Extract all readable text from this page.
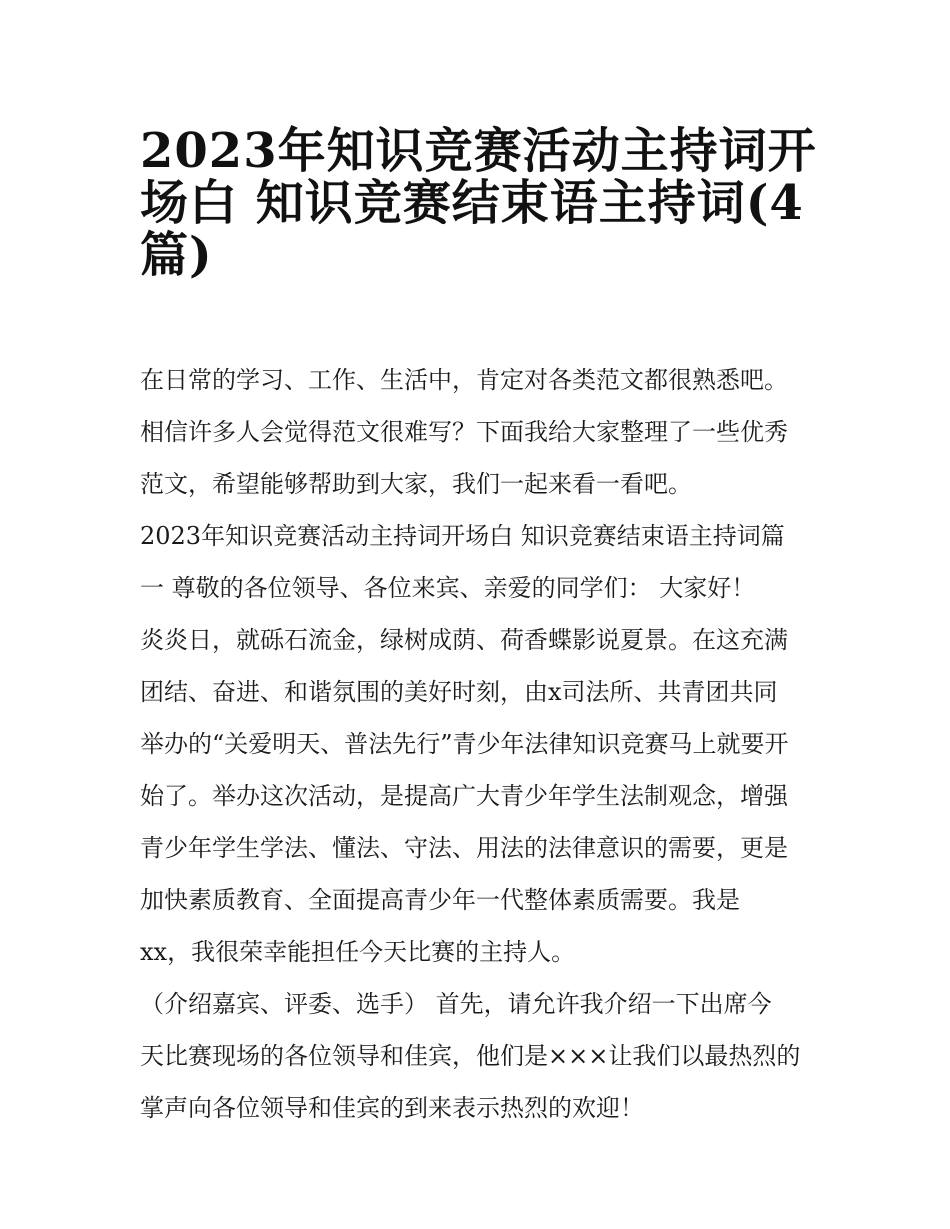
2023年知识竞赛活动主持词开
场白 知识竞赛结束语主持词(4
篇)
在日常的学习、工作、生活中，肯定对各类范文都很熟悉吧。
相信许多人会觉得范文很难写？下面我给大家整理了一些优秀
范文，希望能够帮助到大家，我们一起来看一看吧。
2023年知识竞赛活动主持词开场白 知识竞赛结束语主持词篇
一 尊敬的各位领导、各位来宾、亲爱的同学们： 大家好！
炎炎日，就砾石流金，绿树成荫、荷香蝶影说夏景。在这充满
团结、奋进、和谐氛围的美好时刻，由x司法所、共青团共同
举办的“关爱明天、普法先行”青少年法律知识竞赛马上就要开
始了。举办这次活动，是提高广大青少年学生法制观念，增强
青少年学生学法、懂法、守法、用法的法律意识的需要，更是
加快素质教育、全面提高青少年一代整体素质需要。我是
xx，我很荣幸能担任今天比赛的主持人。
（介绍嘉宾、评委、选手） 首先，请允许我介绍一下出席今
天比赛现场的各位领导和佳宾，他们是×××让我们以最热烈的
掌声向各位领导和佳宾的到来表示热烈的欢迎！
